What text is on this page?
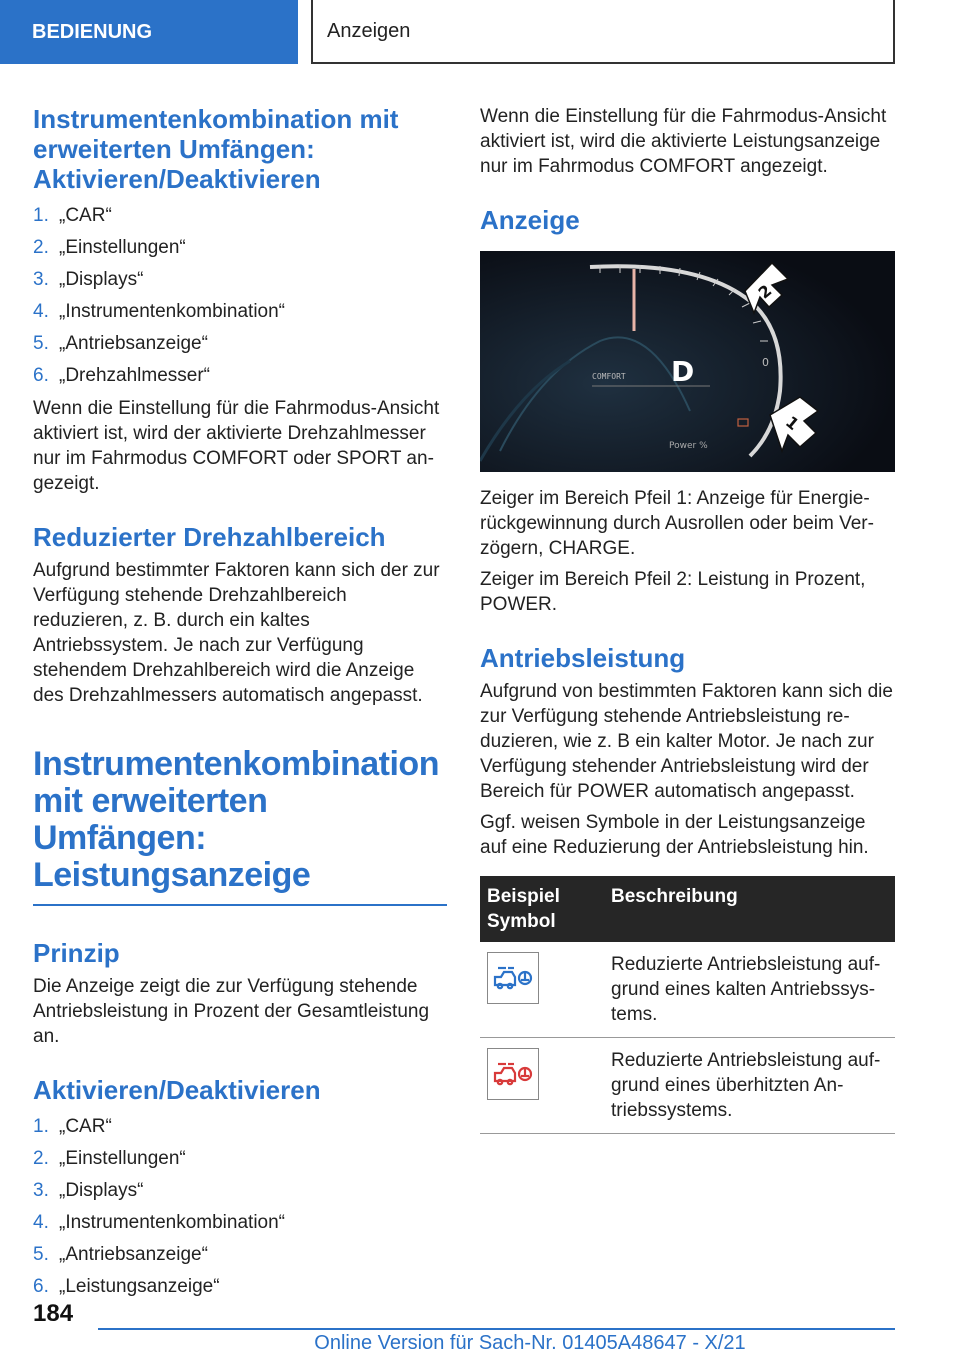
BEDIENUNG	Anzeigen
Instrumentenkombination mit erweiterten Umfängen: Aktivieren/Deaktivieren
1. „CAR“
2. „Einstellungen“
3. „Displays“
4. „Instrumentenkombination“
5. „Antriebsanzeige“
6. „Drehzahlmesser“

Wenn die Einstellung für die Fahrmodus-Ansicht aktiviert ist, wird der aktivierte Drehzahlmesser nur im Fahrmodus COMFORT oder SPORT angezeigt.

Reduzierter Drehzahlbereich

Aufgrund bestimmter Faktoren kann sich der zur Verfügung stehende Drehzahlbereich reduzieren, z. B. durch ein kaltes Antriebssystem. Je nach zur Verfügung stehendem Drehzahlbereich wird die Anzeige des Drehzahlmessers automatisch angepasst.

Instrumentenkombination mit erweiterten Umfängen: Leistungsanzeige
Prinzip

Die Anzeige zeigt die zur Verfügung stehende Antriebsleistung in Prozent der Gesamtleistung an.

Aktivieren/Deaktivieren
1. „CAR“
2. „Einstellungen“
3. „Displays“
4. „Instrumentenkombination“
5. „Antriebsanzeige“
6. „Leistungsanzeige“

Wenn die Einstellung für die Fahrmodus-Ansicht aktiviert ist, wird die aktivierte Leistungsanzeige nur im Fahrmodus COMFORT angezeigt.

Anzeige
COMFORT D	0
Power %
2
1

Zeiger im Bereich Pfeil 1: Anzeige für Energierückgewinnung durch Ausrollen oder beim Verzögern, CHARGE.

Zeiger im Bereich Pfeil 2: Leistung in Prozent, POWER.

Antriebsleistung

Aufgrund von bestimmten Faktoren kann sich die zur Verfügung stehende Antriebsleistung reduzieren, wie z. B ein kalter Motor. Je nach zur Verfügung stehender Antriebsleistung wird der Bereich für POWER automatisch angepasst.

Ggf. weisen Symbole in der Leistungsanzeige auf eine Reduzierung der Antriebsleistung hin.

Beispiel Symbol	Beschreibung

	Reduzierte Antriebsleistung aufgrund eines kalten Antriebssystems.

	Reduzierte Antriebsleistung aufgrund eines überhitzten Antriebssystems.
184
Online Version für Sach-Nr. 01405A48647 - X/21
